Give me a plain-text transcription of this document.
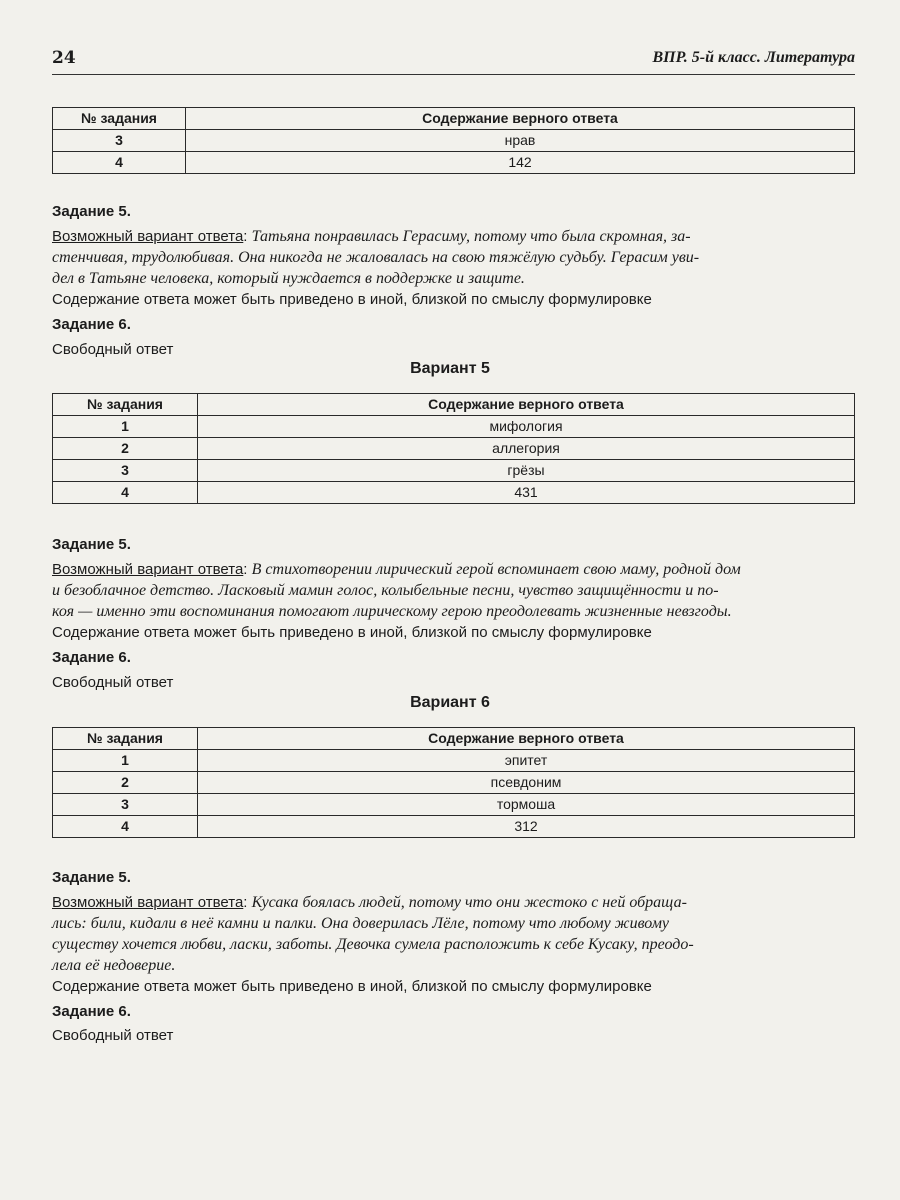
24	ВПР. 5-й класс. Литература
№ задания	Содержание верного ответа
3	нрав
4	142
Задание 5.
Возможный вариант ответа: Татьяна понравилась Герасиму, потому что была скромная, за-
стенчивая, трудолюбивая. Она никогда не жаловалась на свою тяжёлую судьбу. Герасим уви-
дел в Татьяне человека, который нуждается в поддержке и защите.
Содержание ответа может быть приведено в иной, близкой по смыслу формулировке
Задание 6.
Свободный ответ
Вариант 5
№ задания	Содержание верного ответа
1	мифология
2	аллегория
3	грёзы
4	431
Задание 5.
Возможный вариант ответа: В стихотворении лирический герой вспоминает свою маму, родной дом
и безоблачное детство. Ласковый мамин голос, колыбельные песни, чувство защищённости и по-
коя — именно эти воспоминания помогают лирическому герою преодолевать жизненные невзгоды.
Содержание ответа может быть приведено в иной, близкой по смыслу формулировке
Задание 6.
Свободный ответ
Вариант 6
№ задания	Содержание верного ответа
1	эпитет
2	псевдоним
3	тормоша
4	312
Задание 5.
Возможный вариант ответа: Кусака боялась людей, потому что они жестоко с ней обраща-
лись: били, кидали в неё камни и палки. Она доверилась Лёле, потому что любому живому
существу хочется любви, ласки, заботы. Девочка сумела расположить к себе Кусаку, преодо-
лела её недоверие.
Содержание ответа может быть приведено в иной, близкой по смыслу формулировке
Задание 6.
Свободный ответ
